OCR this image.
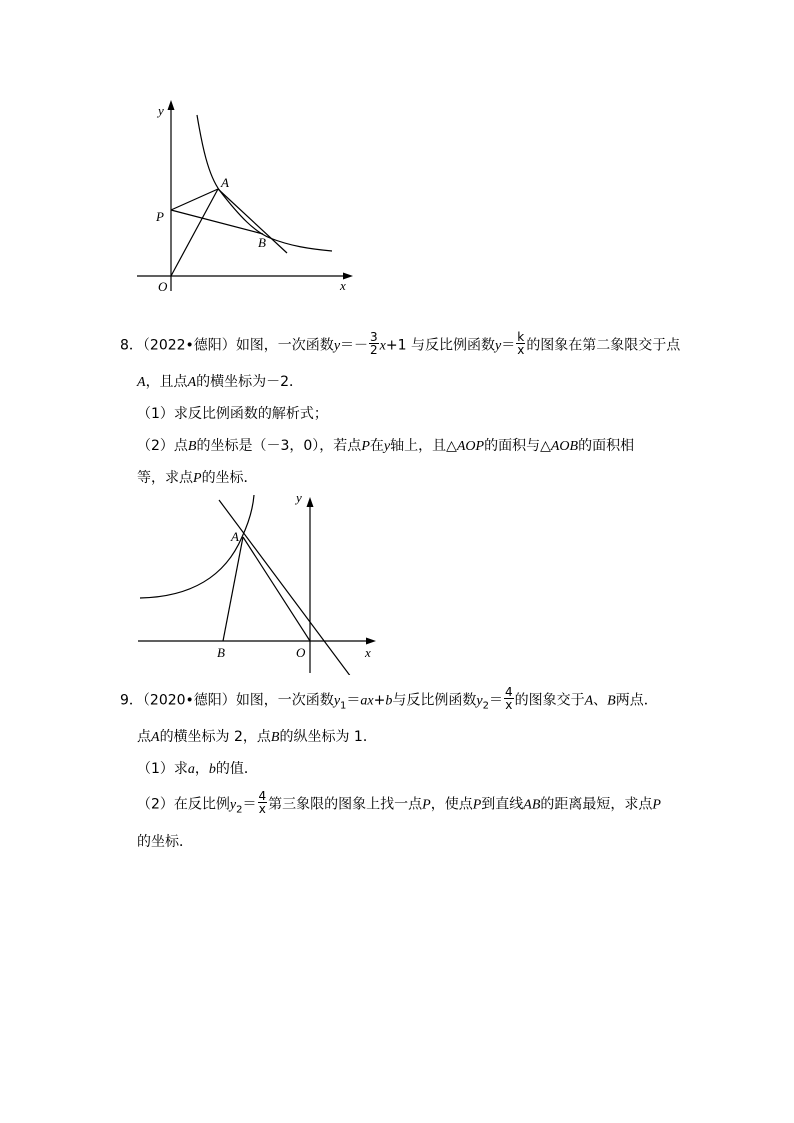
y
x
O
A
B
P
8．（2022•德阳）如图，一次函数$y=- \frac{3}{2} x+1$ 与反比例函数$y= \frac{k}{x}$ 的图象在第二象限交于点
A，且点A的横坐标为－2．
（1）求反比例函数的解析式；
（2）点B的坐标是（－3，0），若点P在y轴上，且△AOP的面积与△AOB的面积相
等，求点P的坐标．
y
x
O
A
B
9．（2020•德阳）如图，一次函数$y_1=ax+b$与反比例函数$y_2= \frac{4}{x}$ 的图象交于A、B两点．
点A的横坐标为 2，点B的纵坐标为 1．
（1）求a，b的值．
（2）在反比例$y_2= \frac{4}{x}$ 第三象限的图象上找一点P，使点P到直线AB的距离最短，求点P
的坐标．
